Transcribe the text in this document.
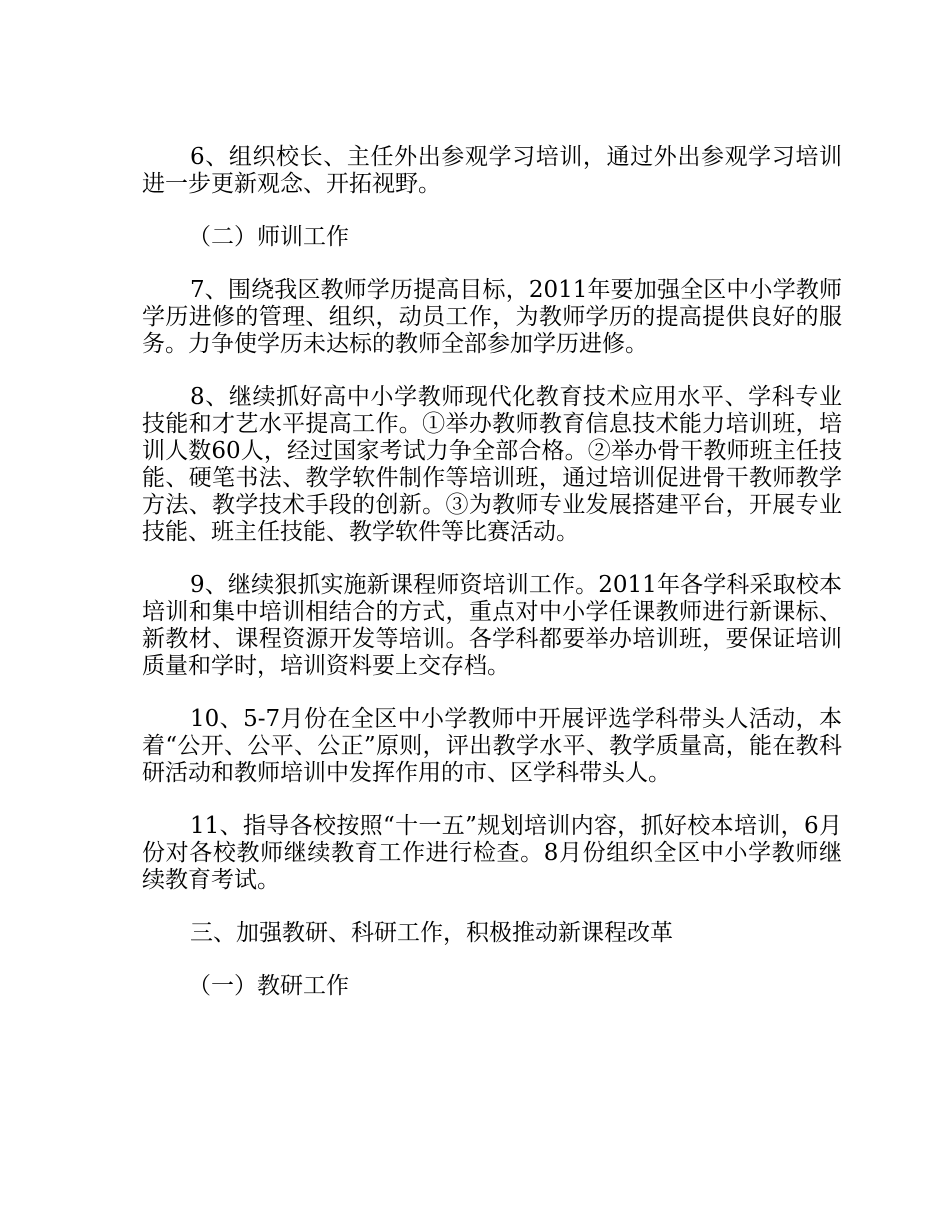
6、组织校长、主任外出参观学习培训，通过外出参观学习培训进一步更新观念、开拓视野。

（二）师训工作

7、围绕我区教师学历提高目标，2011年要加强全区中小学教师学历进修的管理、组织，动员工作，为教师学历的提高提供良好的服务。力争使学历未达标的教师全部参加学历进修。

8、继续抓好高中小学教师现代化教育技术应用水平、学科专业技能和才艺水平提高工作。①举办教师教育信息技术能力培训班，培训人数60人，经过国家考试力争全部合格。②举办骨干教师班主任技能、硬笔书法、教学软件制作等培训班，通过培训促进骨干教师教学方法、教学技术手段的创新。③为教师专业发展搭建平台，开展专业技能、班主任技能、教学软件等比赛活动。

9、继续狠抓实施新课程师资培训工作。2011年各学科采取校本培训和集中培训相结合的方式，重点对中小学任课教师进行新课标、新教材、课程资源开发等培训。各学科都要举办培训班，要保证培训质量和学时，培训资料要上交存档。

10、5-7月份在全区中小学教师中开展评选学科带头人活动，本着“公开、公平、公正”原则，评出教学水平、教学质量高，能在教科研活动和教师培训中发挥作用的市、区学科带头人。

11、指导各校按照“十一五”规划培训内容，抓好校本培训，6月份对各校教师继续教育工作进行检查。8月份组织全区中小学教师继续教育考试。

三、加强教研、科研工作，积极推动新课程改革

（一）教研工作
